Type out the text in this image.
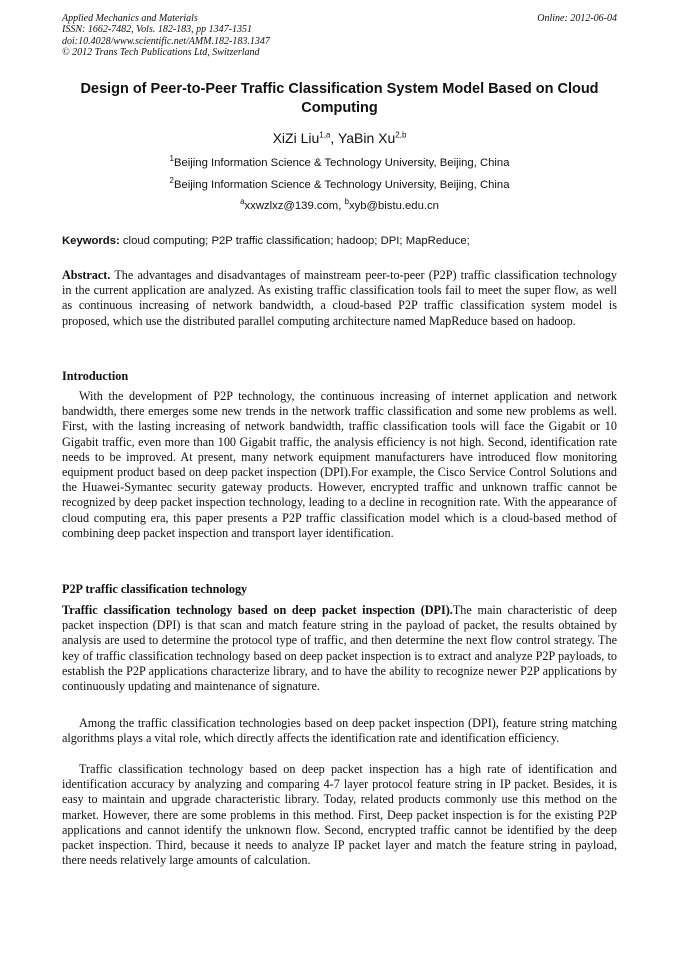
Applied Mechanics and Materials
ISSN: 1662-7482, Vols. 182-183, pp 1347-1351
doi:10.4028/www.scientific.net/AMM.182-183.1347
© 2012 Trans Tech Publications Ltd, Switzerland
Online: 2012-06-04
Design of Peer-to-Peer Traffic Classification System Model Based on Cloud Computing
XiZi Liu$^{1,a}$, YaBin Xu$^{2,b}$
$^1$Beijing Information Science & Technology University, Beijing, China
$^2$Beijing Information Science & Technology University, Beijing, China
$^a$xxwzlxz@139.com, $^b$xyb@bistu.edu.cn
Keywords: cloud computing; P2P traffic classification; hadoop; DPI; MapReduce;
Abstract. The advantages and disadvantages of mainstream peer-to-peer (P2P) traffic classification technology in the current application are analyzed. As existing traffic classification tools fail to meet the super flow, as well as continuous increasing of network bandwidth, a cloud-based P2P traffic classification system model is proposed, which use the distributed parallel computing architecture named MapReduce based on hadoop.
Introduction
With the development of P2P technology, the continuous increasing of internet application and network bandwidth, there emerges some new trends in the network traffic classification and some new problems as well. First, with the lasting increasing of network bandwidth, traffic classification tools will face the Gigabit or 10 Gigabit traffic, even more than 100 Gigabit traffic, the analysis efficiency is not high. Second, identification rate needs to be improved. At present, many network equipment manufacturers have introduced flow monitoring equipment product based on deep packet inspection (DPI).For example, the Cisco Service Control Solutions and the Huawei-Symantec security gateway products. However, encrypted traffic and unknown traffic cannot be recognized by deep packet inspection technology, leading to a decline in recognition rate. With the appearance of cloud computing era, this paper presents a P2P traffic classification model which is a cloud-based method of combining deep packet inspection and transport layer identification.
P2P traffic classification technology
Traffic classification technology based on deep packet inspection (DPI).The main characteristic of deep packet inspection (DPI) is that scan and match feature string in the payload of packet, the results obtained by analysis are used to determine the protocol type of traffic, and then determine the next flow control strategy. The key of traffic classification technology based on deep packet inspection is to extract and analyze P2P payloads, to establish the P2P applications characterize library, and to have the ability to recognize newer P2P applications by continuously updating and maintenance of signature.
Among the traffic classification technologies based on deep packet inspection (DPI), feature string matching algorithms plays a vital role, which directly affects the identification rate and identification efficiency.
Traffic classification technology based on deep packet inspection has a high rate of identification and identification accuracy by analyzing and comparing 4-7 layer protocol feature string in IP packet. Besides, it is easy to maintain and upgrade characteristic library. Today, related products commonly use this method on the market. However, there are some problems in this method. First, Deep packet inspection is for the existing P2P applications and cannot identify the unknown flow. Second, encrypted traffic cannot be identified by the deep packet inspection. Third, because it needs to analyze IP packet layer and match the feature string in payload, there needs relatively large amounts of calculation.
